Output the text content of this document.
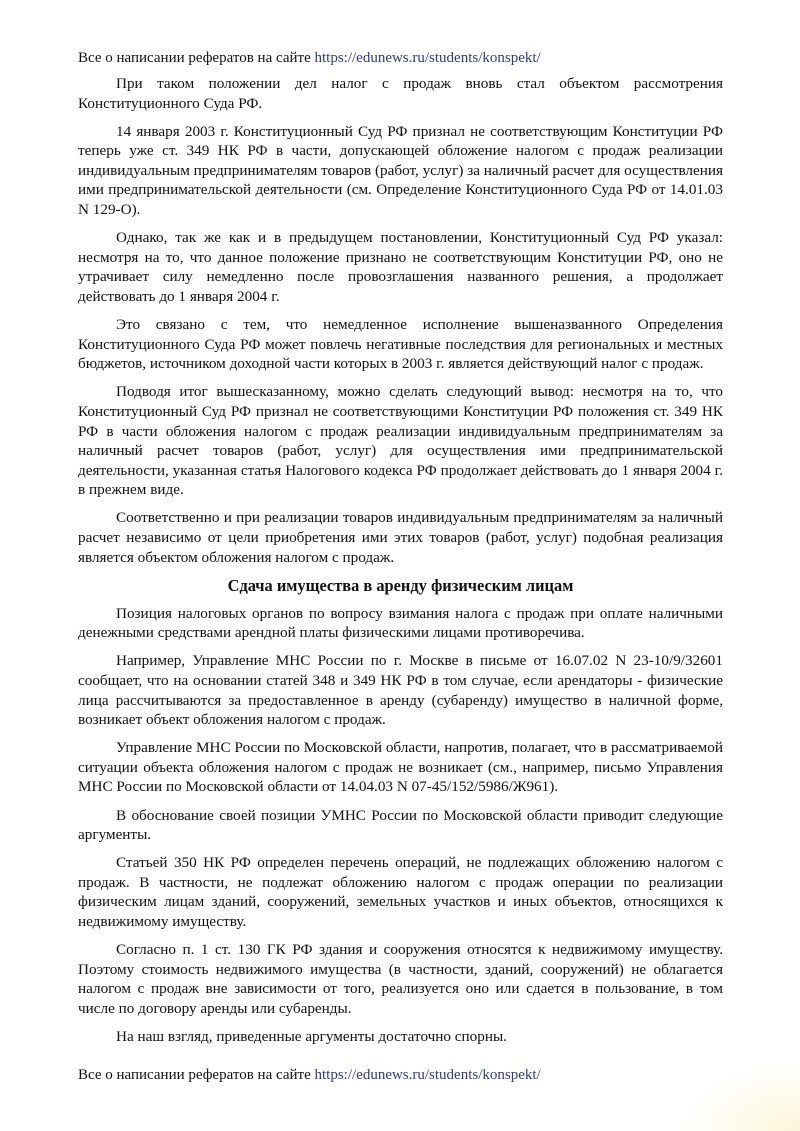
Все о написании рефератов на сайте https://edunews.ru/students/konspekt/

При таком положении дел налог с продаж вновь стал объектом рассмотрения Конституционного Суда РФ.

14 января 2003 г. Конституционный Суд РФ признал не соответствующим Конституции РФ теперь уже ст. 349 НК РФ в части, допускающей обложение налогом с продаж реализации индивидуальным предпринимателям товаров (работ, услуг) за наличный расчет для осуществления ими предпринимательской деятельности (см. Определение Конституционного Суда РФ от 14.01.03 N 129-О).

Однако, так же как и в предыдущем постановлении, Конституционный Суд РФ указал: несмотря на то, что данное положение признано не соответствующим Конституции РФ, оно не утрачивает силу немедленно после провозглашения названного решения, а продолжает действовать до 1 января 2004 г.

Это связано с тем, что немедленное исполнение вышеназванного Определения Конституционного Суда РФ может повлечь негативные последствия для региональных и местных бюджетов, источником доходной части которых в 2003 г. является действующий налог с продаж.

Подводя итог вышесказанному, можно сделать следующий вывод: несмотря на то, что Конституционный Суд РФ признал не соответствующими Конституции РФ положения ст. 349 НК РФ в части обложения налогом с продаж реализации индивидуальным предпринимателям за наличный расчет товаров (работ, услуг) для осуществления ими предпринимательской деятельности, указанная статья Налогового кодекса РФ продолжает действовать до 1 января 2004 г. в прежнем виде.

Соответственно и при реализации товаров индивидуальным предпринимателям за наличный расчет независимо от цели приобретения ими этих товаров (работ, услуг) подобная реализация является объектом обложения налогом с продаж.

Сдача имущества в аренду физическим лицам

Позиция налоговых органов по вопросу взимания налога с продаж при оплате наличными денежными средствами арендной платы физическими лицами противоречива.

Например, Управление МНС России по г. Москве в письме от 16.07.02 N 23-10/9/32601 сообщает, что на основании статей 348 и 349 НК РФ в том случае, если арендаторы - физические лица рассчитываются за предоставленное в аренду (субаренду) имущество в наличной форме, возникает объект обложения налогом с продаж.

Управление МНС России по Московской области, напротив, полагает, что в рассматриваемой ситуации объекта обложения налогом с продаж не возникает (см., например, письмо Управления МНС России по Московской области от 14.04.03 N 07-45/152/5986/Ж961).

В обоснование своей позиции УМНС России по Московской области приводит следующие аргументы.

Статьей 350 НК РФ определен перечень операций, не подлежащих обложению налогом с продаж. В частности, не подлежат обложению налогом с продаж операции по реализации физическим лицам зданий, сооружений, земельных участков и иных объектов, относящихся к недвижимому имуществу.

Согласно п. 1 ст. 130 ГК РФ здания и сооружения относятся к недвижимому имуществу. Поэтому стоимость недвижимого имущества (в частности, зданий, сооружений) не облагается налогом с продаж вне зависимости от того, реализуется оно или сдается в пользование, в том числе по договору аренды или субаренды.

На наш взгляд, приведенные аргументы достаточно спорны.

Все о написании рефератов на сайте https://edunews.ru/students/konspekt/
